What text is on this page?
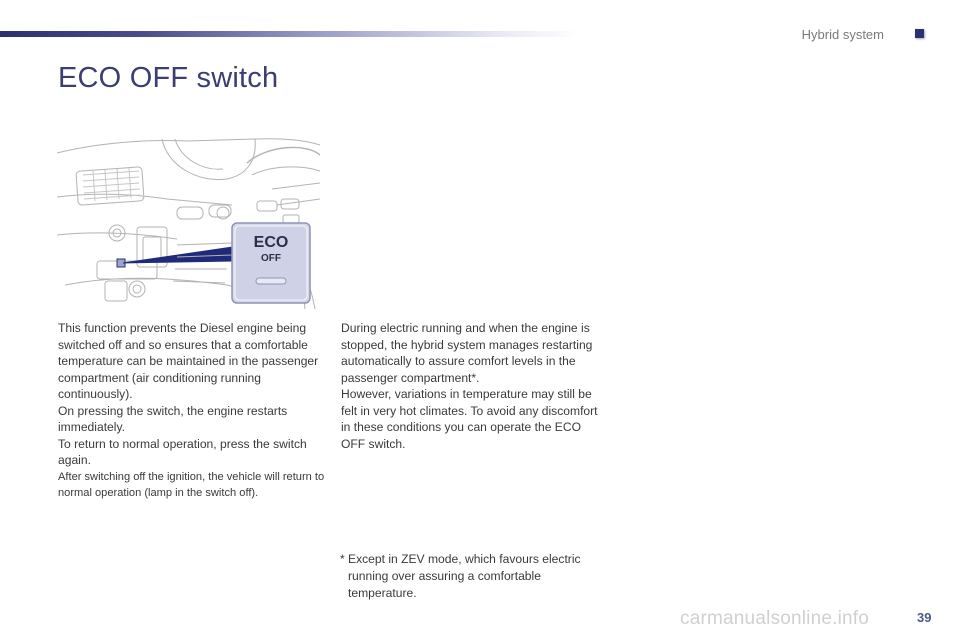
Hybrid system
ECO OFF switch
ECO
OFF

This function prevents the Diesel engine being switched off and so ensures that a comfortable temperature can be maintained in the passenger compartment (air conditioning running continuously).

On pressing the switch, the engine restarts immediately.

To return to normal operation, press the switch again.

After switching off the ignition, the vehicle will return to normal operation (lamp in the switch off).

During electric running and when the engine is stopped, the hybrid system manages restarting automatically to assure comfort levels in the passenger compartment*.

However, variations in temperature may still be felt in very hot climates. To avoid any discomfort in these conditions you can operate the ECO OFF switch.

* Except in ZEV mode, which favours electric running over assuring a comfortable temperature.
carmanualsonline.info	39
